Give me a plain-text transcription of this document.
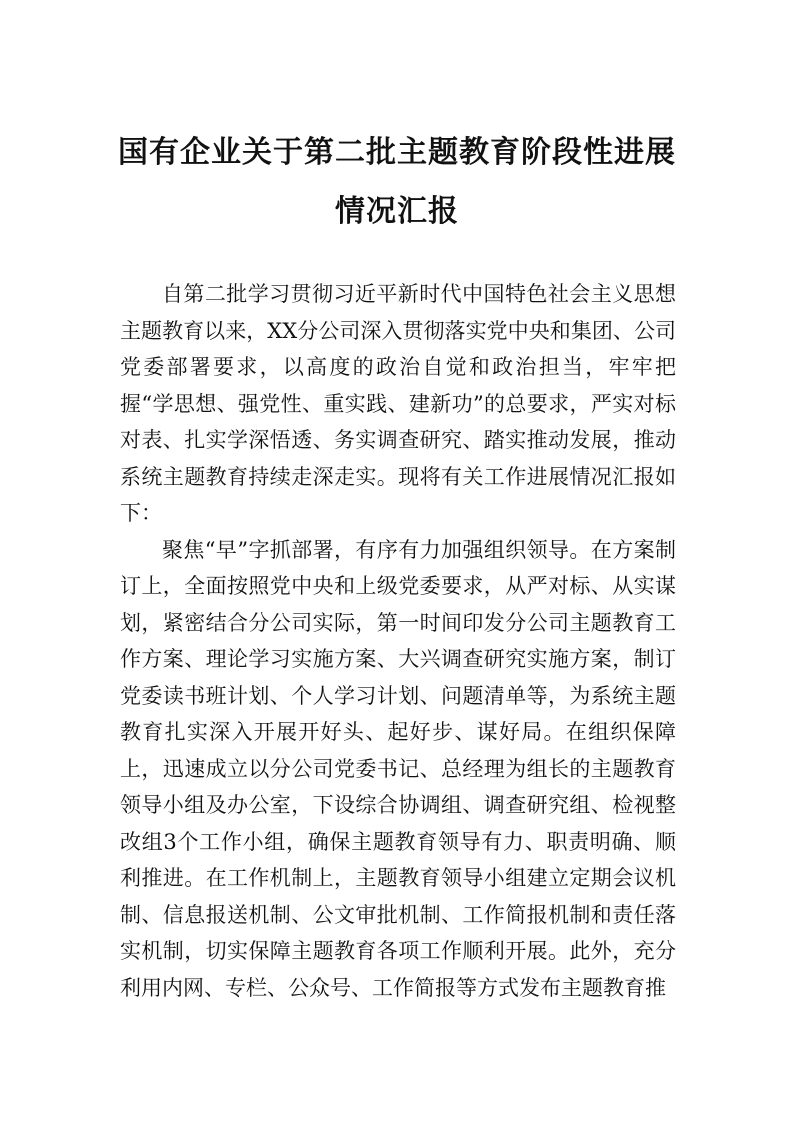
国有企业关于第二批主题教育阶段性进展
情况汇报

自第二批学习贯彻习近平新时代中国特色社会主义思想主题教育以来，XX分公司深入贯彻落实党中央和集团、公司党委部署要求，以高度的政治自觉和政治担当，牢牢把握“学思想、强党性、重实践、建新功”的总要求，严实对标对表、扎实学深悟透、务实调查研究、踏实推动发展，推动系统主题教育持续走深走实。现将有关工作进展情况汇报如下：

聚焦“早”字抓部署，有序有力加强组织领导。在方案制订上，全面按照党中央和上级党委要求，从严对标、从实谋划，紧密结合分公司实际，第一时间印发分公司主题教育工作方案、理论学习实施方案、大兴调查研究实施方案，制订党委读书班计划、个人学习计划、问题清单等，为系统主题教育扎实深入开展开好头、起好步、谋好局。在组织保障上，迅速成立以分公司党委书记、总经理为组长的主题教育领导小组及办公室，下设综合协调组、调查研究组、检视整改组3个工作小组，确保主题教育领导有力、职责明确、顺利推进。在工作机制上，主题教育领导小组建立定期会议机制、信息报送机制、公文审批机制、工作简报机制和责任落实机制，切实保障主题教育各项工作顺利开展。此外，充分利用内网、专栏、公众号、工作简报等方式发布主题教育推
